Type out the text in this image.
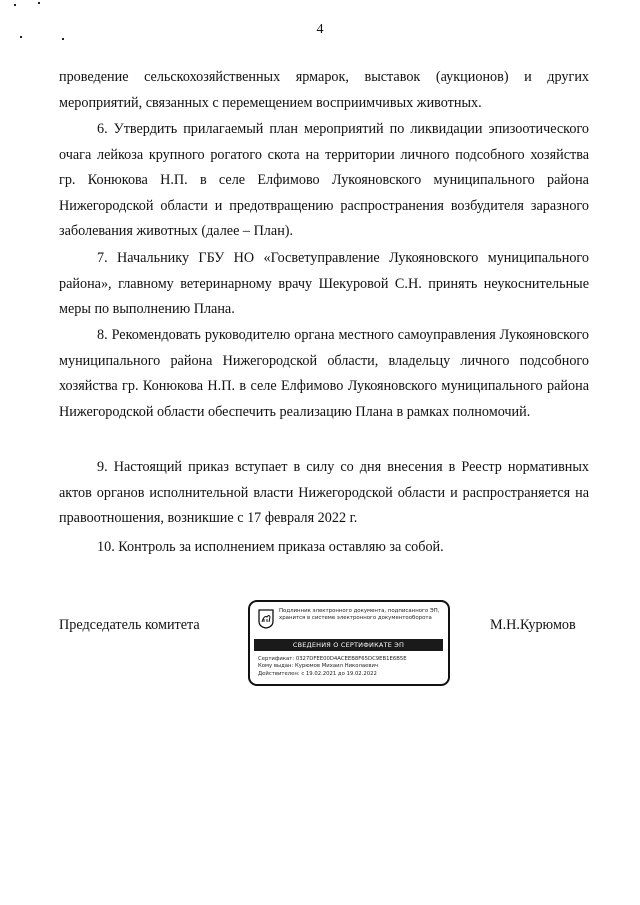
4

проведение сельскохозяйственных ярмарок, выставок (аукционов) и других мероприятий, связанных с перемещением восприимчивых животных.

6. Утвердить прилагаемый план мероприятий по ликвидации эпизоотического очага лейкоза крупного рогатого скота на территории личного подсобного хозяйства гр. Конюкова Н.П. в селе Елфимово Лукояновского муниципального района Нижегородской области и предотвращению распространения возбудителя заразного заболевания животных (далее – План).

7. Начальнику ГБУ НО «Госветуправление Лукояновского муниципального района», главному ветеринарному врачу Шекуровой С.Н. принять неукоснительные меры по выполнению Плана.

8. Рекомендовать руководителю органа местного самоуправления Лукояновского муниципального района Нижегородской области, владельцу личного подсобного хозяйства гр. Конюкова Н.П. в селе Елфимово Лукояновского муниципального района Нижегородской области обеспечить реализацию Плана в рамках полномочий.

9. Настоящий приказ вступает в силу со дня внесения в Реестр нормативных актов органов исполнительной власти Нижегородской области и распространяется на правоотношения, возникшие с 17 февраля 2022 г.

10. Контроль за исполнением приказа оставляю за собой.

Председатель комитета
Подлинник электронного документа, подписанного ЭП, хранится в системе электронного документооборота
СВЕДЕНИЯ О СЕРТИФИКАТЕ ЭП
Сертификат: 0327DFEE00D4ACEEB8F65DC9EB1E6B5E
Кому выдан: Курюмов Михаил Николаевич
Действителен: с 19.02.2021 до 19.02.2022
М.Н.Курюмов
